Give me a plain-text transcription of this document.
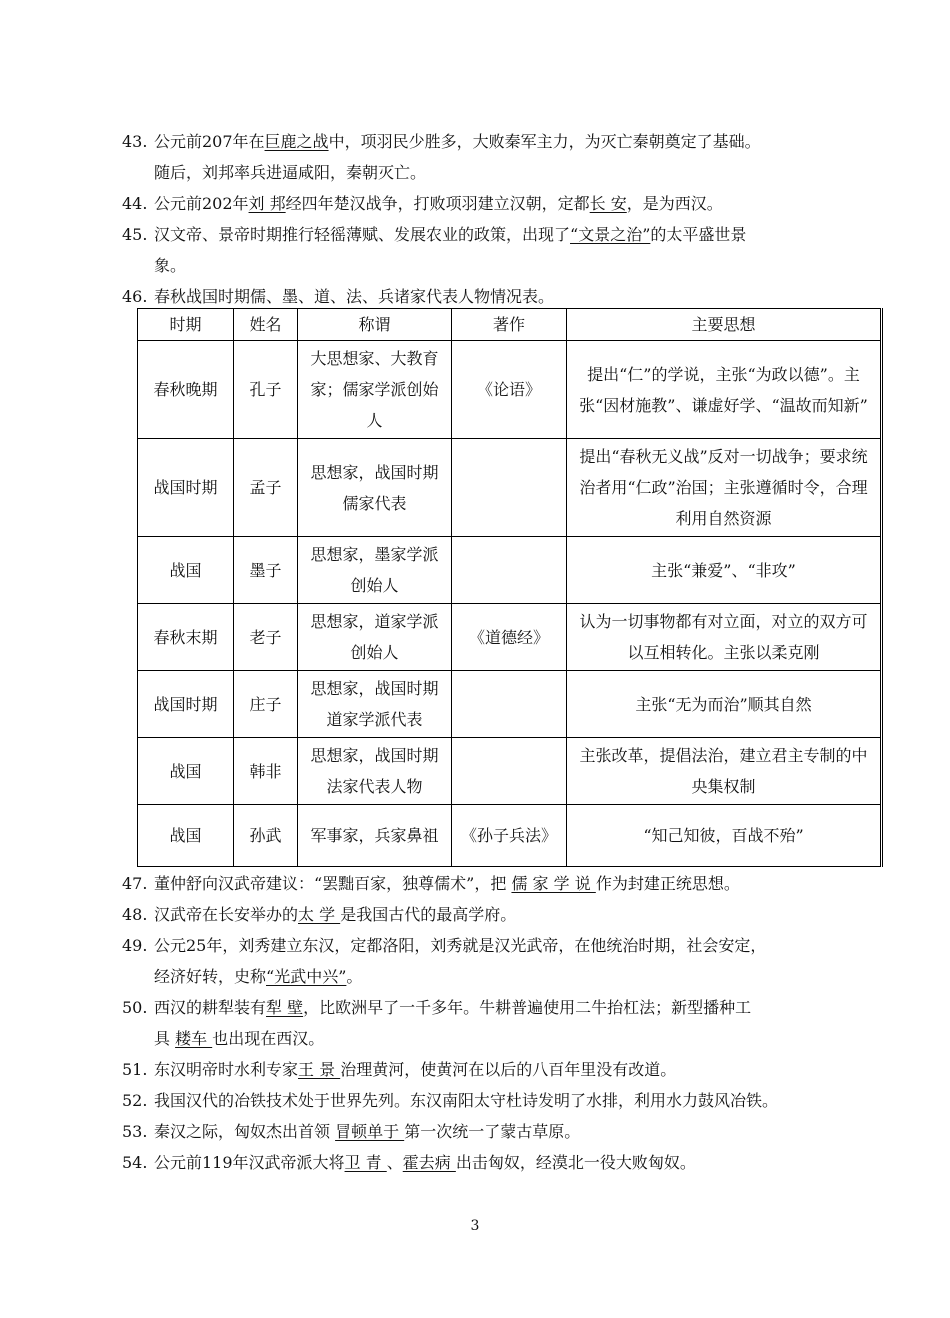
43. 公元前207年在巨鹿之战中，项羽民少胜多，大败秦军主力，为灭亡秦朝奠定了基础。
随后，刘邦率兵进逼咸阳，秦朝灭亡。
44. 公元前202年刘 邦经四年楚汉战争，打败项羽建立汉朝，定都长 安，是为西汉。
45. 汉文帝、景帝时期推行轻徭薄赋、发展农业的政策，出现了“文景之治”的太平盛世景
象。
46. 春秋战国时期儒、墨、道、法、兵诸家代表人物情况表。
时期	姓名	称谓	著作	主要思想
春秋晚期	孔子	大思想家、大教育家；儒家学派创始人	《论语》	提出“仁”的学说，主张“为政以德”。主张“因材施教”、谦虚好学、“温故而知新”
战国时期	孟子	思想家，战国时期儒家代表		提出“春秋无义战”反对一切战争；要求统治者用“仁政”治国；主张遵循时令，合理利用自然资源
战国	墨子	思想家，墨家学派创始人		主张“兼爱”、“非攻”
春秋末期	老子	思想家，道家学派创始人	《道德经》	认为一切事物都有对立面，对立的双方可以互相转化。主张以柔克刚
战国时期	庄子	思想家，战国时期道家学派代表		主张“无为而治”顺其自然
战国	韩非	思想家，战国时期法家代表人物		主张改革，提倡法治，建立君主专制的中央集权制
战国	孙武	军事家，兵家鼻祖	《孙子兵法》	“知己知彼，百战不殆”
47. 董仲舒向汉武帝建议：“罢黜百家，独尊儒术”，把 儒 家 学 说 作为封建正统思想。
48. 汉武帝在长安举办的太 学 是我国古代的最高学府。
49. 公元25年，刘秀建立东汉，定都洛阳，刘秀就是汉光武帝，在他统治时期，社会安定，
经济好转，史称“光武中兴”。
50. 西汉的耕犁装有犁 壁，比欧洲早了一千多年。牛耕普遍使用二牛抬杠法；新型播种工
具 耧车 也出现在西汉。
51. 东汉明帝时水利专家王 景 治理黄河，使黄河在以后的八百年里没有改道。
52. 我国汉代的冶铁技术处于世界先列。东汉南阳太守杜诗发明了水排，利用水力鼓风冶铁。
53. 秦汉之际，匈奴杰出首领 冒顿单于 第一次统一了蒙古草原。
54. 公元前119年汉武帝派大将卫 青 、霍去病 出击匈奴，经漠北一役大败匈奴。
3
